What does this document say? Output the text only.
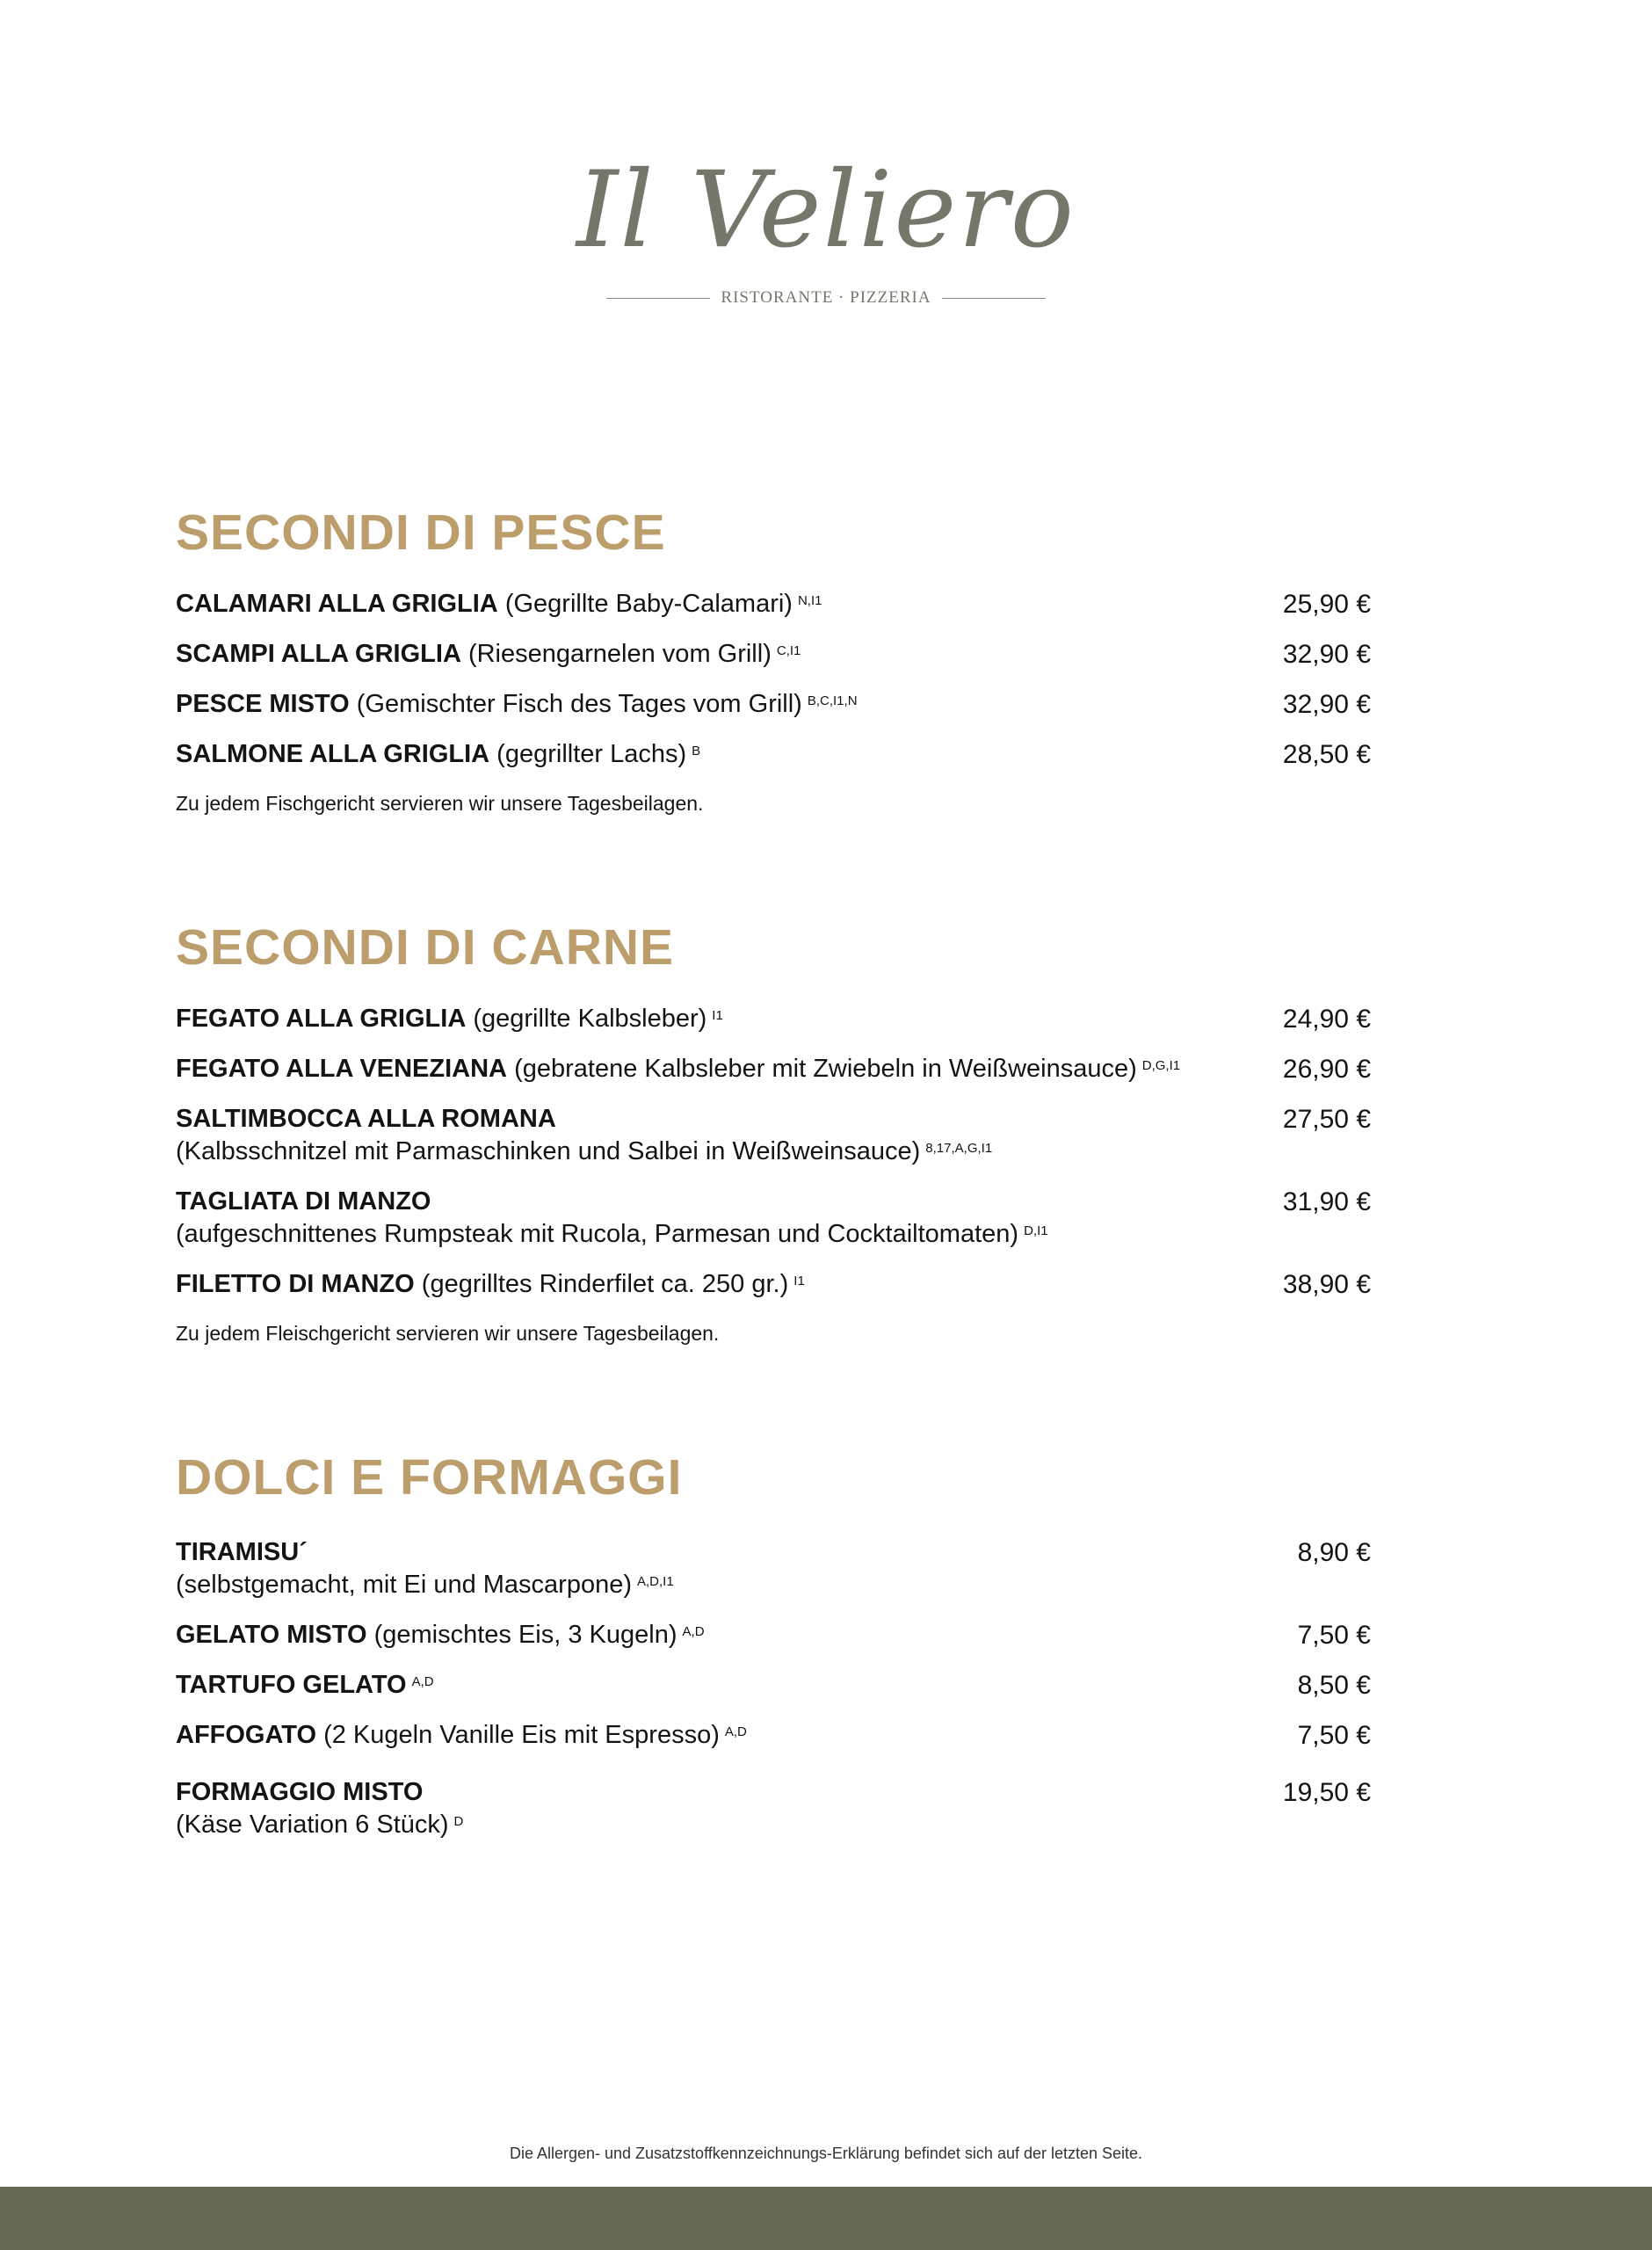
Il Veliero
RISTORANTE · PIZZERIA
SECONDI DI PESCE
CALAMARI ALLA GRIGLIA (Gegrillte Baby-Calamari) $^{N,I1}$	25,90 €
SCAMPI ALLA GRIGLIA (Riesengarnelen vom Grill) $^{C,I1}$	32,90 €
PESCE MISTO (Gemischter Fisch des Tages vom Grill) $^{B,C,I1,N}$	32,90 €
SALMONE ALLA GRIGLIA (gegrillter Lachs) $^B$	28,50 €
Zu jedem Fischgericht servieren wir unsere Tagesbeilagen.
SECONDI DI CARNE
FEGATO ALLA GRIGLIA (gegrillte Kalbsleber) $^{I1}$	24,90 €
FEGATO ALLA VENEZIANA (gebratene Kalbsleber mit Zwiebeln in Weißweinsauce) $^{D,G,I1}$	26,90 €
SALTIMBOCCA ALLA ROMANA
(Kalbsschnitzel mit Parmaschinken und Salbei in Weißweinsauce) $^{8,17,A,G,I1}$
27,50 €
TAGLIATA DI MANZO
(aufgeschnittenes Rumpsteak mit Rucola, Parmesan und Cocktailtomaten) $^{D,I1}$
31,90 €
FILETTO DI MANZO (gegrilltes Rinderfilet ca. 250 gr.) $^{I1}$	38,90 €
Zu jedem Fleischgericht servieren wir unsere Tagesbeilagen.
DOLCI E FORMAGGI
TIRAMISU´
(selbstgemacht, mit Ei und Mascarpone) $^{A,D,I1}$
8,90 €
GELATO MISTO (gemischtes Eis, 3 Kugeln) $^{A,D}$	7,50 €
TARTUFO GELATO $^{A,D}$	8,50 €
AFFOGATO (2 Kugeln Vanille Eis mit Espresso) $^{A,D}$	7,50 €
FORMAGGIO MISTO
(Käse Variation 6 Stück) $^D$
19,50 €
Die Allergen- und Zusatzstoffkennzeichnungs-Erklärung befindet sich auf der letzten Seite.
